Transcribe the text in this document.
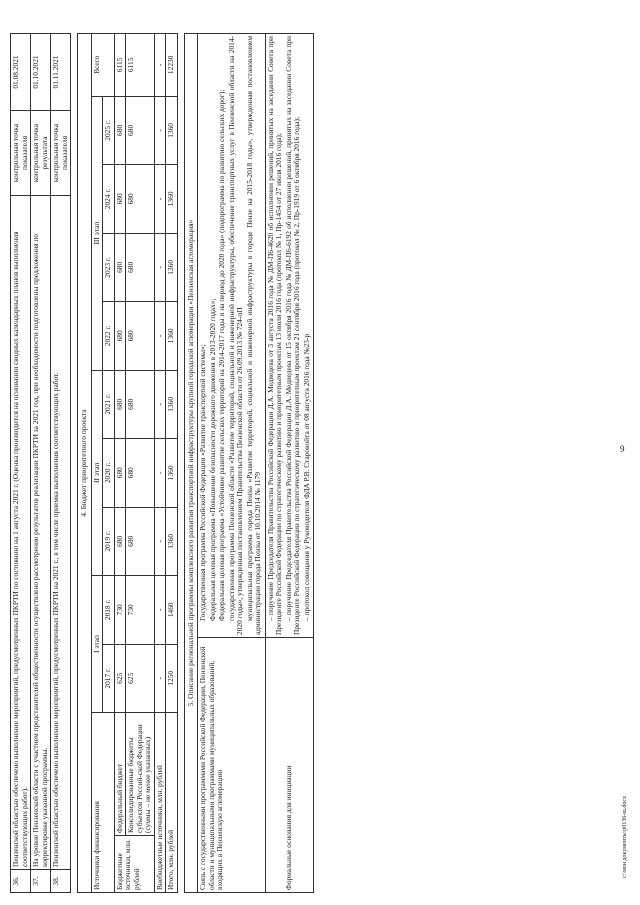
9
c:\мои документы\p0136-ш.docx
36.	Пензенской областью обеспечено выполнение мероприятий, предусмотренных ПКРТИ по состоянию на 1 августа 2021 г. (Оценка производится на основании сводных календарных планов выполнения соответствующих работ).	контрольная точка показателя	01.08.2021
37.	На уровне Пензенской области с участием представителей общественности осуществлено рассмотрение результатов реализации ПКРТИ за 2021 год, при необходимости подготовлены предложения по корректировке указанной программы.	контрольная точка результата	01.10.2021
38.	Пензенской областью обеспечено выполнение мероприятий, предусмотренных ПКРТИ на 2021 г., в том числе приемка выполнения соответствующих работ.	контрольная точка показателя	01.11.2021
4. Бюджет приоритетного проекта											
Источники финансирования		I этап		II этап			III этап				Всего
		2017 г.	2018 г.	2019 г.	2020 г.	2021 г.	2022 г.	2023 г.	2024 г.	2025 г.	
Бюджетные источники, млн. рублей	Федеральный бюджет	625	730	680	680	680	680	680	680	680	6115
	Консолидированные бюджеты субъектов Россий-ской Федерации (суммы – не менее указанных)	625	730	680	680	680	680	680	680	680	6115
Внебюджетные источники, млн. рублей		-	-	-	-	-	-	-	-	-	-
Итого, млн. рублей		1250	1460	1360	1360	1360	1360	1360	1360	1360	12230
5. Описание региональной программы комплексного развития транспортной инфраструктуры крупной городской агломерации «Пензенская агломерация»	
Связь с государственными программами Российской Федерации, Пензенской области и муниципальными программами муниципальных образований, входящих в Пензенскую агломерацию	Государственная программа Российской Федерации «Развитие транспортной системы»; Федеральная целевая программа «Повышение безопасности дорожного движения в 2013-2020 годах»; Федеральная целевая программа «Устойчивое развитие сельских территорий на 2014-2017 годы и на период до 2020 года» (подпрограмма по развитию сельских дорог); государственная программа Пензенской области «Развитие территорий, социальной и инженерной инфраструктуры, обеспечение транспортных услуг в Пензенской области на 2014-2020 годы», утвержденная постановлением Правительства Пензенской области от 26.09.2013 № 724-пП муниципальная программа города Пензы «Развитие территорий, социальной и инженерной инфраструктуры в городе Пензе на 2015-2018 годы», утвержденная постановлением администрации города Пензы от 10.10.2014 № 1179

Формальные основания для инициации	– поручение Председателя Правительства Российской Федерации Д.А. Медведева от 3 августа 2016 года № ДМ-П6-4620 об исполнении решений, принятых на заседании Совета при Президенте Российской Федерации по стратегическому развитию и приоритетным проектам 13 июля 2016 года (протокол № 1, Пр-1454 от 27 июля 2016 года); – поручение Председателя Правительства Российской Федерации Д.А. Медведева от 15 октября 2016 года № ДМ-П6-6192 об исполнении решений, принятых на заседании Совета при Президенте Российской Федерации по стратегическому развитию и приоритетным проектам 21 сентября 2016 года (протокол № 2, Пр-1919 от 6 октября 2016 года); – протокол совещания у Руководителя ФДА Р.В. Старовойта от 08 августа 2016 года №23-р
